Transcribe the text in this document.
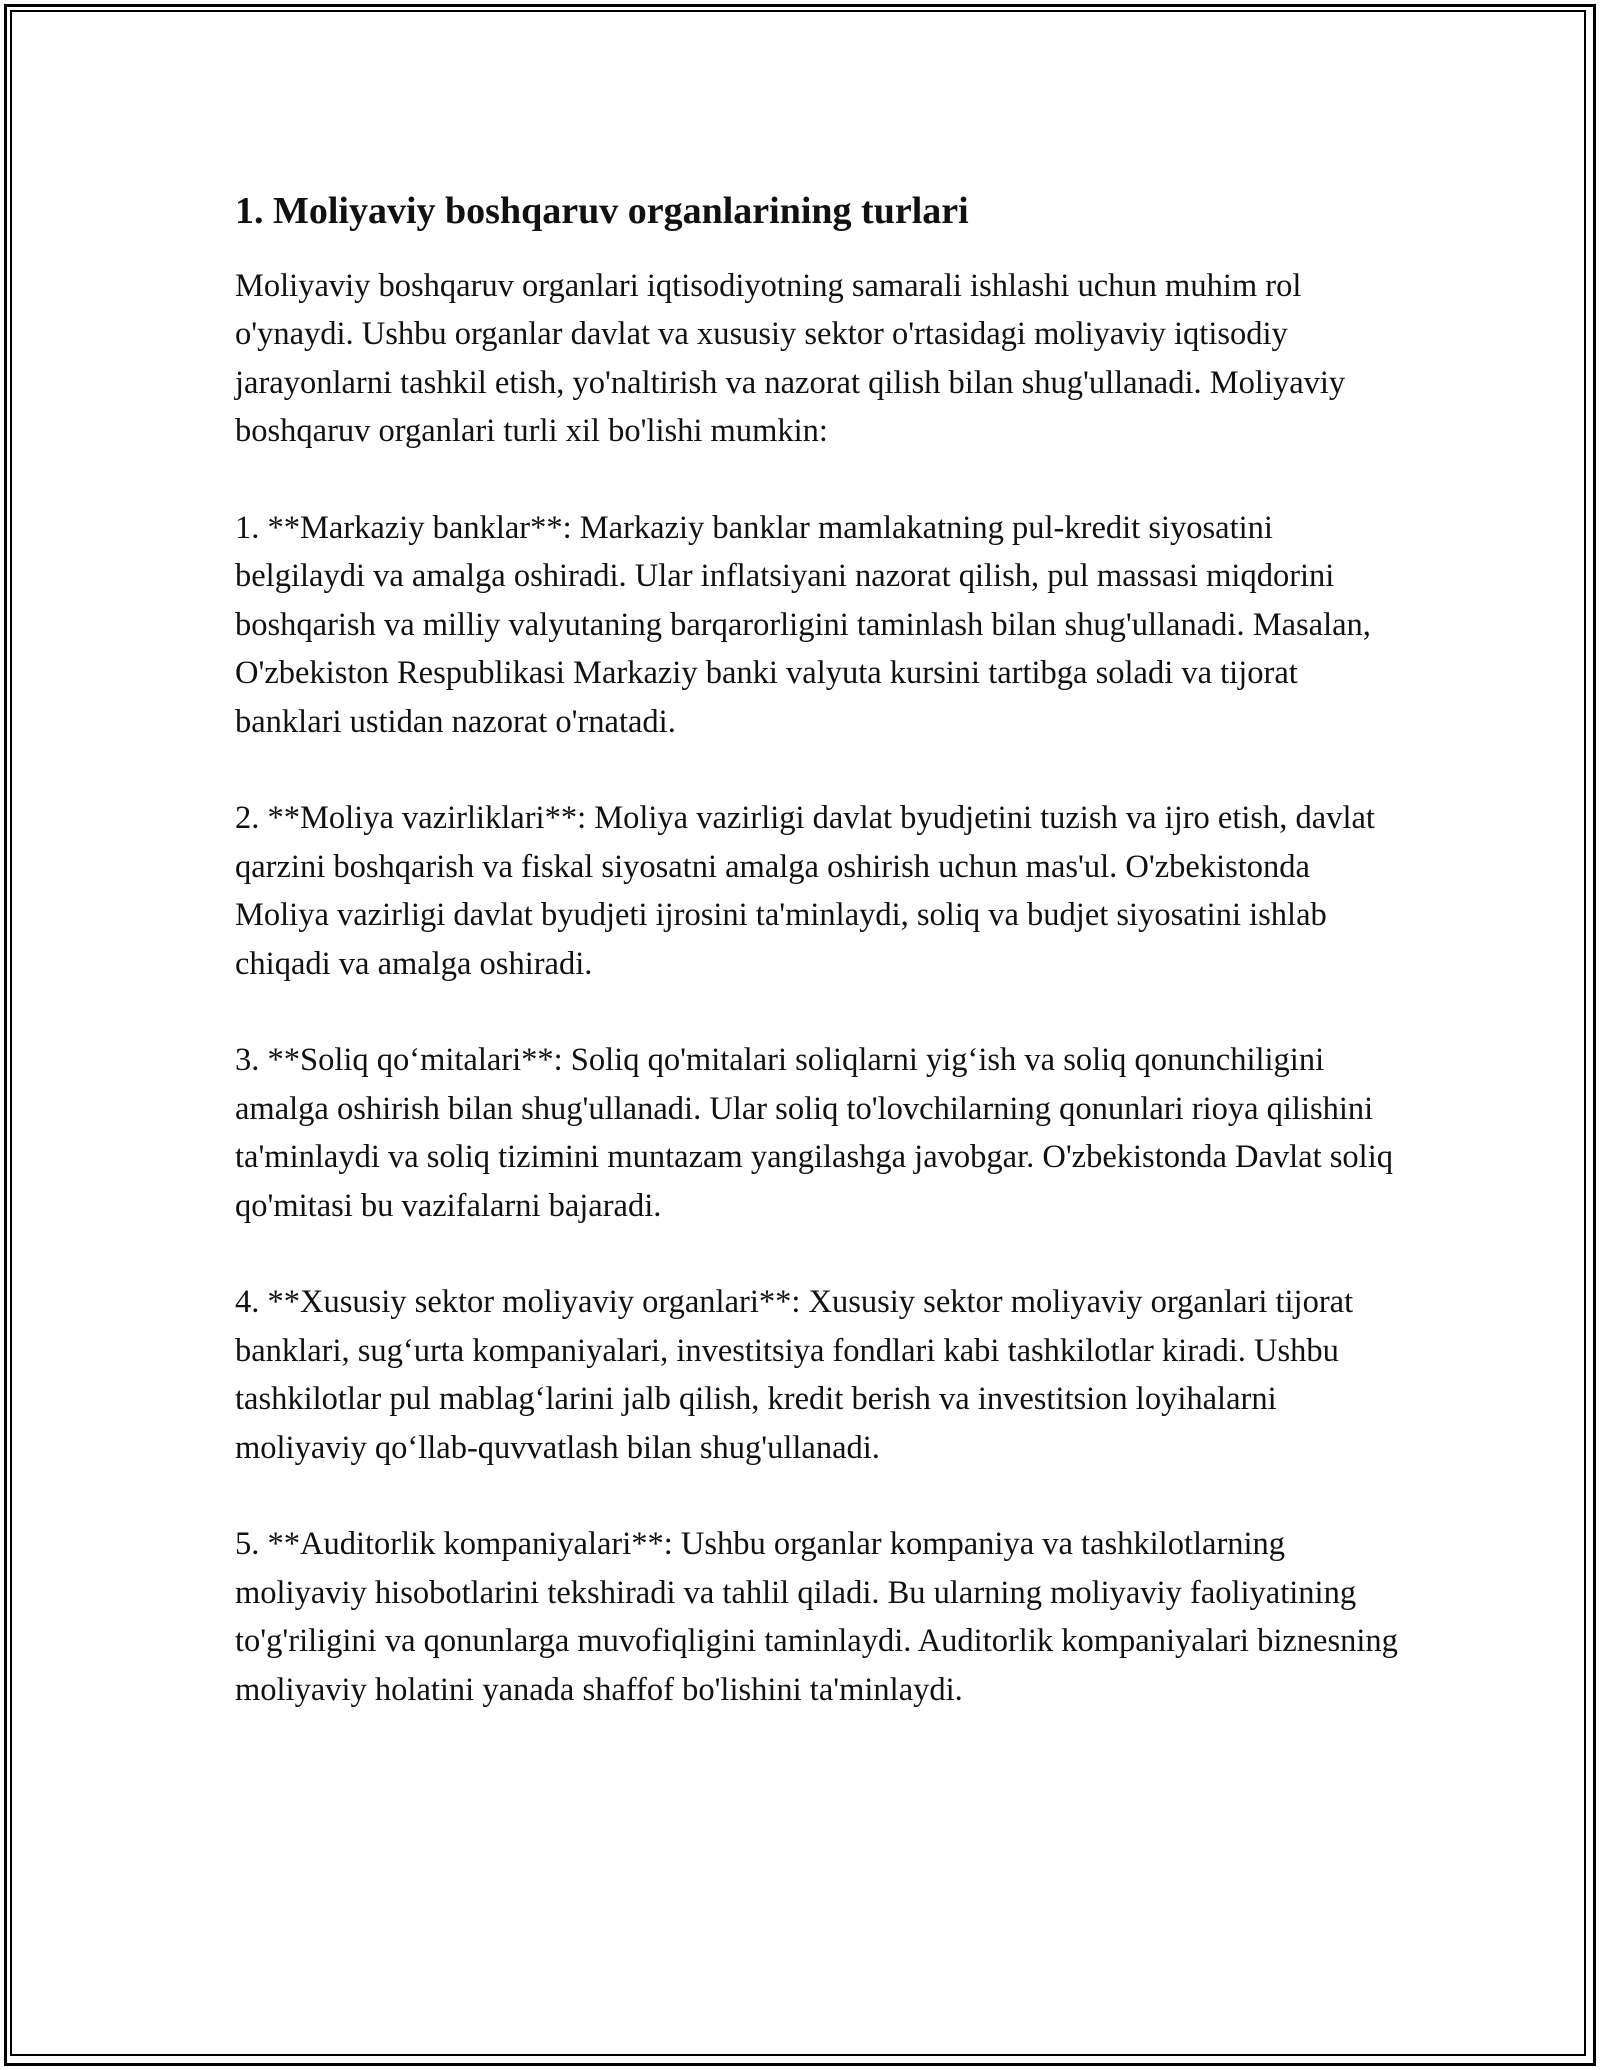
1. Moliyaviy boshqaruv organlarining turlari

Moliyaviy boshqaruv organlari iqtisodiyotning samarali ishlashi uchun muhim rol o'ynaydi. Ushbu organlar davlat va xususiy sektor o'rtasidagi moliyaviy iqtisodiy jarayonlarni tashkil etish, yo'naltirish va nazorat qilish bilan shug'ullanadi. Moliyaviy boshqaruv organlari turli xil bo'lishi mumkin:

1. **Markaziy banklar**: Markaziy banklar mamlakatning pul-kredit siyosatini belgilaydi va amalga oshiradi. Ular inflatsiyani nazorat qilish, pul massasi miqdorini boshqarish va milliy valyutaning barqarorligini taminlash bilan shug'ullanadi. Masalan, O'zbekiston Respublikasi Markaziy banki valyuta kursini tartibga soladi va tijorat banklari ustidan nazorat o'rnatadi.

2. **Moliya vazirliklari**: Moliya vazirligi davlat byudjetini tuzish va ijro etish, davlat qarzini boshqarish va fiskal siyosatni amalga oshirish uchun mas'ul. O'zbekistonda Moliya vazirligi davlat byudjeti ijrosini ta'minlaydi, soliq va budjet siyosatini ishlab chiqadi va amalga oshiradi.

3. **Soliq qo‘mitalari**: Soliq qo'mitalari soliqlarni yig‘ish va soliq qonunchiligini amalga oshirish bilan shug'ullanadi. Ular soliq to'lovchilarning qonunlari rioya qilishini ta'minlaydi va soliq tizimini muntazam yangilashga javobgar. O'zbekistonda Davlat soliq qo'mitasi bu vazifalarni bajaradi.

4. **Xususiy sektor moliyaviy organlari**: Xususiy sektor moliyaviy organlari tijorat banklari, sug‘urta kompaniyalari, investitsiya fondlari kabi tashkilotlar kiradi. Ushbu tashkilotlar pul mablag‘larini jalb qilish, kredit berish va investitsion loyihalarni moliyaviy qo‘llab-quvvatlash bilan shug'ullanadi.

5. **Auditorlik kompaniyalari**: Ushbu organlar kompaniya va tashkilotlarning moliyaviy hisobotlarini tekshiradi va tahlil qiladi. Bu ularning moliyaviy faoliyatining to'g'riligini va qonunlarga muvofiqligini taminlaydi. Auditorlik kompaniyalari biznesning moliyaviy holatini yanada shaffof bo'lishini ta'minlaydi.
